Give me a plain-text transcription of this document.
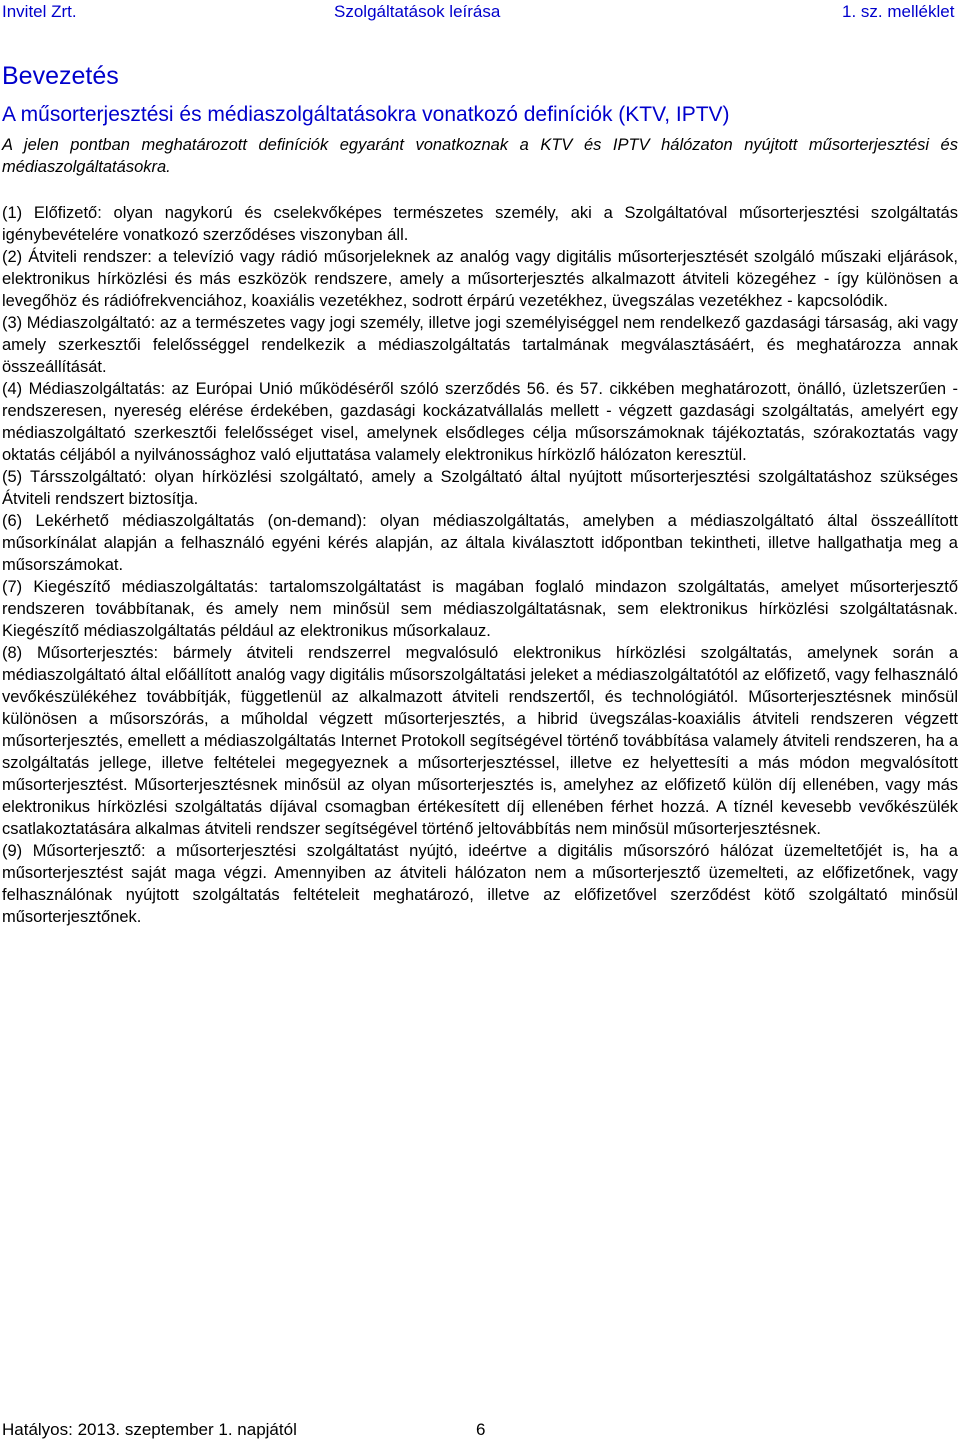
Invitel Zrt.	Szolgáltatások leírása	1. sz. melléklet
Bevezetés
A műsorterjesztési és médiaszolgáltatásokra vonatkozó definíciók (KTV, IPTV)

A jelen pontban meghatározott definíciók egyaránt vonatkoznak a KTV és IPTV hálózaton nyújtott műsorterjesztési és médiaszolgáltatásokra.

(1) Előfizető: olyan nagykorú és cselekvőképes természetes személy, aki a Szolgáltatóval műsorterjesztési szolgáltatás igénybevételére vonatkozó szerződéses viszonyban áll.

(2) Átviteli rendszer: a televízió vagy rádió műsorjeleknek az analóg vagy digitális műsorterjesztését szolgáló műszaki eljárások, elektronikus hírközlési és más eszközök rendszere, amely a műsorterjesztés alkalmazott átviteli közegéhez - így különösen a levegőhöz és rádiófrekvenciához, koaxiális vezetékhez, sodrott érpárú vezetékhez, üvegszálas vezetékhez - kapcsolódik.

(3) Médiaszolgáltató: az a természetes vagy jogi személy, illetve jogi személyiséggel nem rendelkező gazdasági társaság, aki vagy amely szerkesztői felelősséggel rendelkezik a médiaszolgáltatás tartalmának megválasztásáért, és meghatározza annak összeállítását.

(4) Médiaszolgáltatás: az Európai Unió működéséről szóló szerződés 56. és 57. cikkében meghatározott, önálló, üzletszerűen - rendszeresen, nyereség elérése érdekében, gazdasági kockázatvállalás mellett - végzett gazdasági szolgáltatás, amelyért egy médiaszolgáltató szerkesztői felelősséget visel, amelynek elsődleges célja műsorszámoknak tájékoztatás, szórakoztatás vagy oktatás céljából a nyilvánossághoz való eljuttatása valamely elektronikus hírközlő hálózaton keresztül.

(5) Társszolgáltató: olyan hírközlési szolgáltató, amely a Szolgáltató által nyújtott műsorterjesztési szolgáltatáshoz szükséges Átviteli rendszert biztosítja.

(6) Lekérhető médiaszolgáltatás (on-demand): olyan médiaszolgáltatás, amelyben a médiaszolgáltató által összeállított műsorkínálat alapján a felhasználó egyéni kérés alapján, az általa kiválasztott időpontban tekintheti, illetve hallgathatja meg a műsorszámokat.

(7) Kiegészítő médiaszolgáltatás: tartalomszolgáltatást is magában foglaló mindazon szolgáltatás, amelyet műsorterjesztő rendszeren továbbítanak, és amely nem minősül sem médiaszolgáltatásnak, sem elektronikus hírközlési szolgáltatásnak. Kiegészítő médiaszolgáltatás például az elektronikus műsorkalauz.

(8) Műsorterjesztés: bármely átviteli rendszerrel megvalósuló elektronikus hírközlési szolgáltatás, amelynek során a médiaszolgáltató által előállított analóg vagy digitális műsorszolgáltatási jeleket a médiaszolgáltatótól az előfizető, vagy felhasználó vevőkészülékéhez továbbítják, függetlenül az alkalmazott átviteli rendszertől, és technológiától. Műsorterjesztésnek minősül különösen a műsorszórás, a műholdal végzett műsorterjesztés, a hibrid üvegszálas-koaxiális átviteli rendszeren végzett műsorterjesztés, emellett a médiaszolgáltatás Internet Protokoll segítségével történő továbbítása valamely átviteli rendszeren, ha a szolgáltatás jellege, illetve feltételei megegyeznek a műsorterjesztéssel, illetve ez helyettesíti a más módon megvalósított műsorterjesztést. Műsorterjesztésnek minősül az olyan műsorterjesztés is, amelyhez az előfizető külön díj ellenében, vagy más elektronikus hírközlési szolgáltatás díjával csomagban értékesített díj ellenében férhet hozzá. A tíznél kevesebb vevőkészülék csatlakoztatására alkalmas átviteli rendszer segítségével történő jeltovábbítás nem minősül műsorterjesztésnek.

(9) Műsorterjesztő: a műsorterjesztési szolgáltatást nyújtó, ideértve a digitális műsorszóró hálózat üzemeltetőjét is, ha a műsorterjesztést saját maga végzi. Amennyiben az átviteli hálózaton nem a műsorterjesztő üzemelteti, az előfizetőnek, vagy felhasználónak nyújtott szolgáltatás feltételeit meghatározó, illetve az előfizetővel szerződést kötő szolgáltató minősül műsorterjesztőnek.

Hatályos: 2013. szeptember 1. napjától	6
